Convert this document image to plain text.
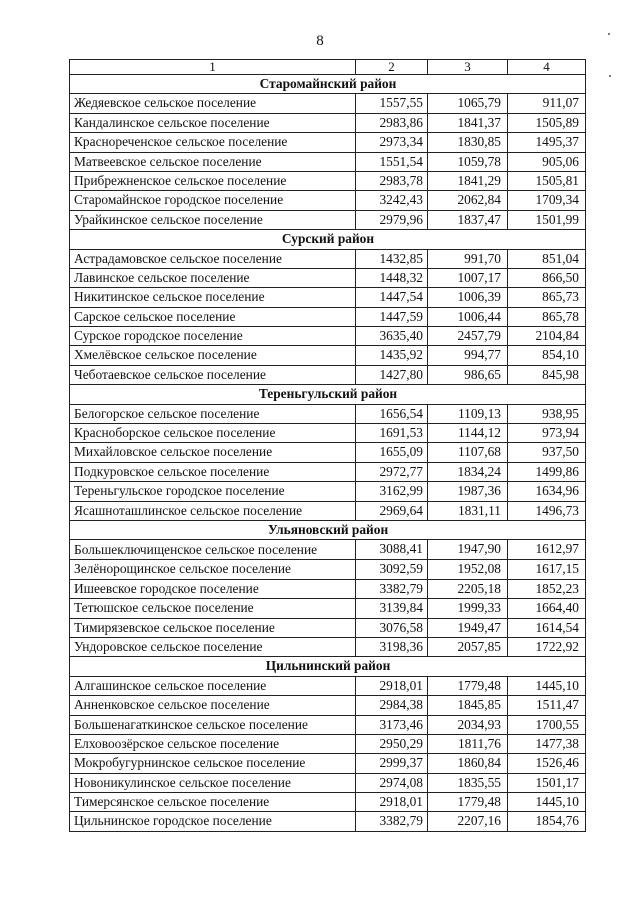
8
1	2	3	4
Старомайнский район			
Жедяевское сельское поселение	1557,55	1065,79	911,07
Кандалинское сельское поселение	2983,86	1841,37	1505,89
Краснореченское сельское поселение	2973,34	1830,85	1495,37
Матвеевское сельское поселение	1551,54	1059,78	905,06
Прибрежненское сельское поселение	2983,78	1841,29	1505,81
Старомайнское городское поселение	3242,43	2062,84	1709,34
Урайкинское сельское поселение	2979,96	1837,47	1501,99
Сурский район			
Астрадамовское сельское поселение	1432,85	991,70	851,04
Лавинское сельское поселение	1448,32	1007,17	866,50
Никитинское сельское поселение	1447,54	1006,39	865,73
Сарское сельское поселение	1447,59	1006,44	865,78
Сурское городское поселение	3635,40	2457,79	2104,84
Хмелёвское сельское поселение	1435,92	994,77	854,10
Чеботаевское сельское поселение	1427,80	986,65	845,98
Тереньгульский район			
Белогорское сельское поселение	1656,54	1109,13	938,95
Красноборское сельское поселение	1691,53	1144,12	973,94
Михайловское сельское поселение	1655,09	1107,68	937,50
Подкуровское сельское поселение	2972,77	1834,24	1499,86
Тереньгульское городское поселение	3162,99	1987,36	1634,96
Ясашноташлинское сельское поселение	2969,64	1831,11	1496,73
Ульяновский район			
Большеключищенское сельское поселение	3088,41	1947,90	1612,97
Зелёнорощинское сельское поселение	3092,59	1952,08	1617,15
Ишеевское городское поселение	3382,79	2205,18	1852,23
Тетюшское сельское поселение	3139,84	1999,33	1664,40
Тимирязевское сельское поселение	3076,58	1949,47	1614,54
Ундоровское сельское поселение	3198,36	2057,85	1722,92
Цильнинский район			
Алгашинское сельское поселение	2918,01	1779,48	1445,10
Анненковское сельское поселение	2984,38	1845,85	1511,47
Большенагаткинское сельское поселение	3173,46	2034,93	1700,55
Елховоозёрское сельское поселение	2950,29	1811,76	1477,38
Мокробугурнинское сельское поселение	2999,37	1860,84	1526,46
Новоникулинское сельское поселение	2974,08	1835,55	1501,17
Тимерсянское сельское поселение	2918,01	1779,48	1445,10
Цильнинское городское поселение	3382,79	2207,16	1854,76
